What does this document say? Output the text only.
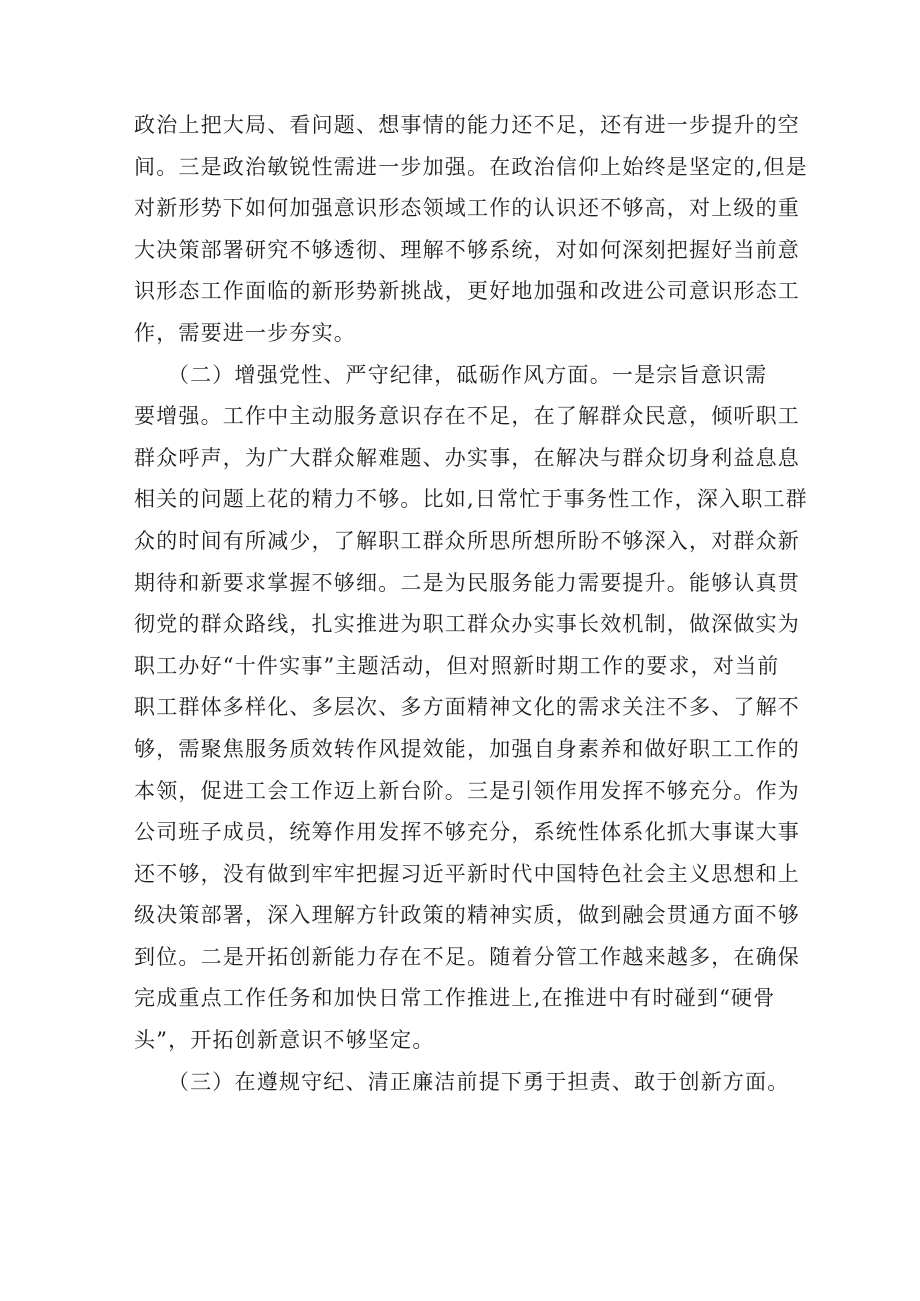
政治上把大局、看问题、想事情的能力还不足，还有进一步提升的空
间。三是政治敏锐性需进一步加强。在政治信仰上始终是坚定的,但是
对新形势下如何加强意识形态领域工作的认识还不够高，对上级的重
大决策部署研究不够透彻、理解不够系统，对如何深刻把握好当前意
识形态工作面临的新形势新挑战，更好地加强和改进公司意识形态工
作，需要进一步夯实。
　　（二）增强党性、严守纪律，砥砺作风方面。一是宗旨意识需
要增强。工作中主动服务意识存在不足，在了解群众民意，倾听职工
群众呼声，为广大群众解难题、办实事，在解决与群众切身利益息息
相关的问题上花的精力不够。比如,日常忙于事务性工作，深入职工群
众的时间有所减少，了解职工群众所思所想所盼不够深入，对群众新
期待和新要求掌握不够细。二是为民服务能力需要提升。能够认真贯
彻党的群众路线，扎实推进为职工群众办实事长效机制，做深做实为
职工办好“十件实事”主题活动，但对照新时期工作的要求，对当前
职工群体多样化、多层次、多方面精神文化的需求关注不多、了解不
够，需聚焦服务质效转作风提效能，加强自身素养和做好职工工作的
本领，促进工会工作迈上新台阶。三是引领作用发挥不够充分。作为
公司班子成员，统筹作用发挥不够充分，系统性体系化抓大事谋大事
还不够，没有做到牢牢把握习近平新时代中国特色社会主义思想和上
级决策部署，深入理解方针政策的精神实质，做到融会贯通方面不够
到位。二是开拓创新能力存在不足。随着分管工作越来越多，在确保
完成重点工作任务和加快日常工作推进上,在推进中有时碰到“硬骨
头”，开拓创新意识不够坚定。
　　（三）在遵规守纪、清正廉洁前提下勇于担责、敢于创新方面。
